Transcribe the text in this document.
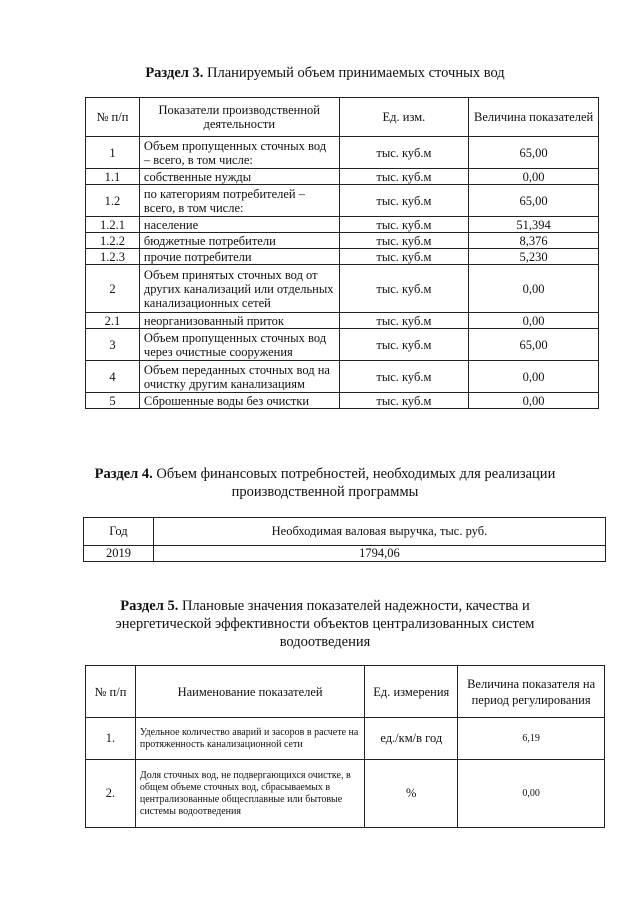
Раздел 3. Планируемый объем принимаемых сточных вод
№ п/п	Показатели производственной деятельности	Ед. изм.	Величина показателей
1	Объем пропущенных сточных вод – всего, в том числе:	тыс. куб.м	65,00
1.1	собственные нужды	тыс. куб.м	0,00
1.2	по категориям потребителей – всего, в том числе:	тыс. куб.м	65,00
1.2.1	население	тыс. куб.м	51,394
1.2.2	бюджетные потребители	тыс. куб.м	8,376
1.2.3	прочие потребители	тыс. куб.м	5,230
2	Объем принятых сточных вод от других канализаций или отдельных канализационных сетей	тыс. куб.м	0,00
2.1	неорганизованный приток	тыс. куб.м	0,00
3	Объем пропущенных сточных вод через очистные сооружения	тыс. куб.м	65,00
4	Объем переданных сточных вод на очистку другим канализациям	тыс. куб.м	0,00
5	Сброшенные воды без очистки	тыс. куб.м	0,00
Раздел 4. Объем финансовых потребностей, необходимых для реализации
производственной программы
Год	Необходимая валовая выручка, тыс. руб.
2019	1794,06
Раздел 5. Плановые значения показателей надежности, качества и
энергетической эффективности объектов централизованных систем
водоотведения
№ п/п	Наименование показателей	Ед. измерения	Величина показателя на период регулирования
1.	Удельное количество аварий и засоров в расчете на протяженность канализационной сети	ед./км/в год	6,19
2.	Доля сточных вод, не подвергающихся очистке, в общем объеме сточных вод, сбрасываемых в централизованные общесплавные или бытовые системы водоотведения	%	0,00
